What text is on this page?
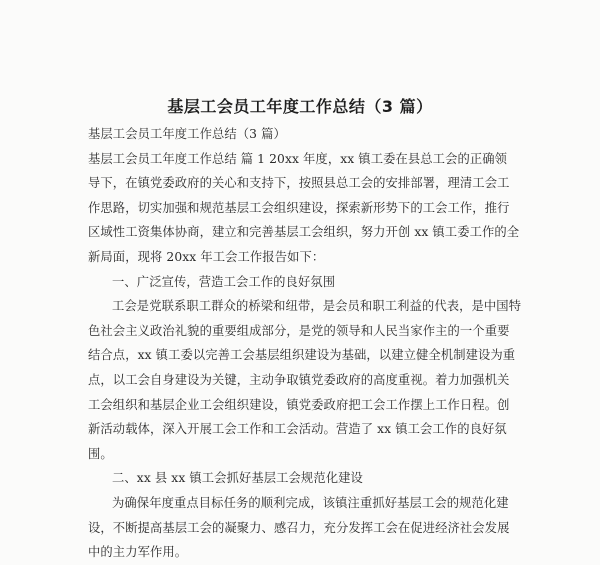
基层工会员工年度工作总结（3 篇）
基层工会员工年度工作总结（3 篇）
基层工会员工年度工作总结 篇 1 20xx 年度，xx 镇工委在县总工会的正确领
导下，在镇党委政府的关心和支持下，按照县总工会的安排部署，理清工会工
作思路，切实加强和规范基层工会组织建设，探索新形势下的工会工作，推行
区域性工资集体协商，建立和完善基层工会组织，努力开创 xx 镇工委工作的全
新局面，现将 20xx 年工会工作报告如下：
一、广泛宣传，营造工会工作的良好氛围
工会是党联系职工群众的桥梁和纽带，是会员和职工利益的代表，是中国特
色社会主义政治礼貌的重要组成部分，是党的领导和人民当家作主的一个重要
结合点，xx 镇工委以完善工会基层组织建设为基础，以建立健全机制建设为重
点，以工会自身建设为关键，主动争取镇党委政府的高度重视。着力加强机关
工会组织和基层企业工会组织建设，镇党委政府把工会工作摆上工作日程。创
新活动载体，深入开展工会工作和工会活动。营造了 xx 镇工会工作的良好氛
围。
二、xx 县 xx 镇工会抓好基层工会规范化建设
为确保年度重点目标任务的顺利完成，该镇注重抓好基层工会的规范化建
设，不断提高基层工会的凝聚力、感召力，充分发挥工会在促进经济社会发展
中的主力军作用。
